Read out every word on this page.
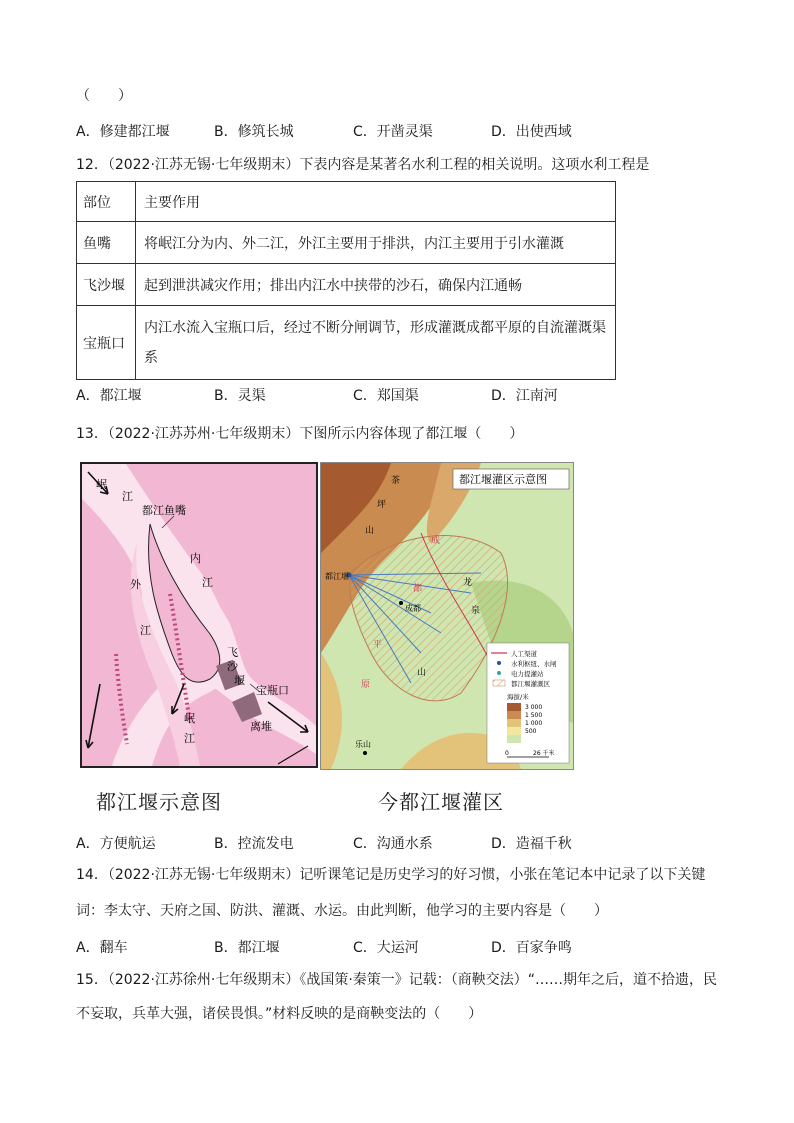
（　　）
A．修建都江堰	B．修筑长城	C．开凿灵渠	D．出使西域
12．（2022·江苏无锡·七年级期末）下表内容是某著名水利工程的相关说明。这项水利工程是
部位	主要作用
鱼嘴	将岷江分为内、外二江，外江主要用于排洪，内江主要用于引水灌溉
飞沙堰	起到泄洪减灾作用；排出内江水中挟带的沙石，确保内江通畅
宝瓶口	内江水流入宝瓶口后，经过不断分闸调节，形成灌溉成都平原的自流灌溉渠系
A．都江堰	B．灵渠	C．郑国渠	D．江南河
13．（2022·江苏苏州·七年级期末）下图所示内容体现了都江堰（　　）
岷
江
都江鱼嘴
内
外	江
江
飞
沙
堰
宝瓶口
离堆
岷
江
都江堰示意图
都江堰灌区示意图
茶
坪
山
成
都江堰
成都
都
龙
泉
平
山
原
乐山
人工渠道
水利枢纽、水闸
电力提灌站
都江堰灌溉区
海拔/米
3 000
1 500
1 000
500
0	26 千米
今都江堰灌区
A．方便航运	B．控流发电	C．沟通水系	D．造福千秋
14．（2022·江苏无锡·七年级期末）记听课笔记是历史学习的好习惯，小张在笔记本中记录了以下关键
词：李太守、天府之国、防洪、灌溉、水运。由此判断，他学习的主要内容是（　　）
A．翻车	B．都江堰	C．大运河	D．百家争鸣
15．（2022·江苏徐州·七年级期末）《战国策·秦策一》记载：（商鞅交法）“……期年之后，道不拾遗，民
不妄取，兵革大强，诸侯畏惧。”材料反映的是商鞅变法的（　　）
